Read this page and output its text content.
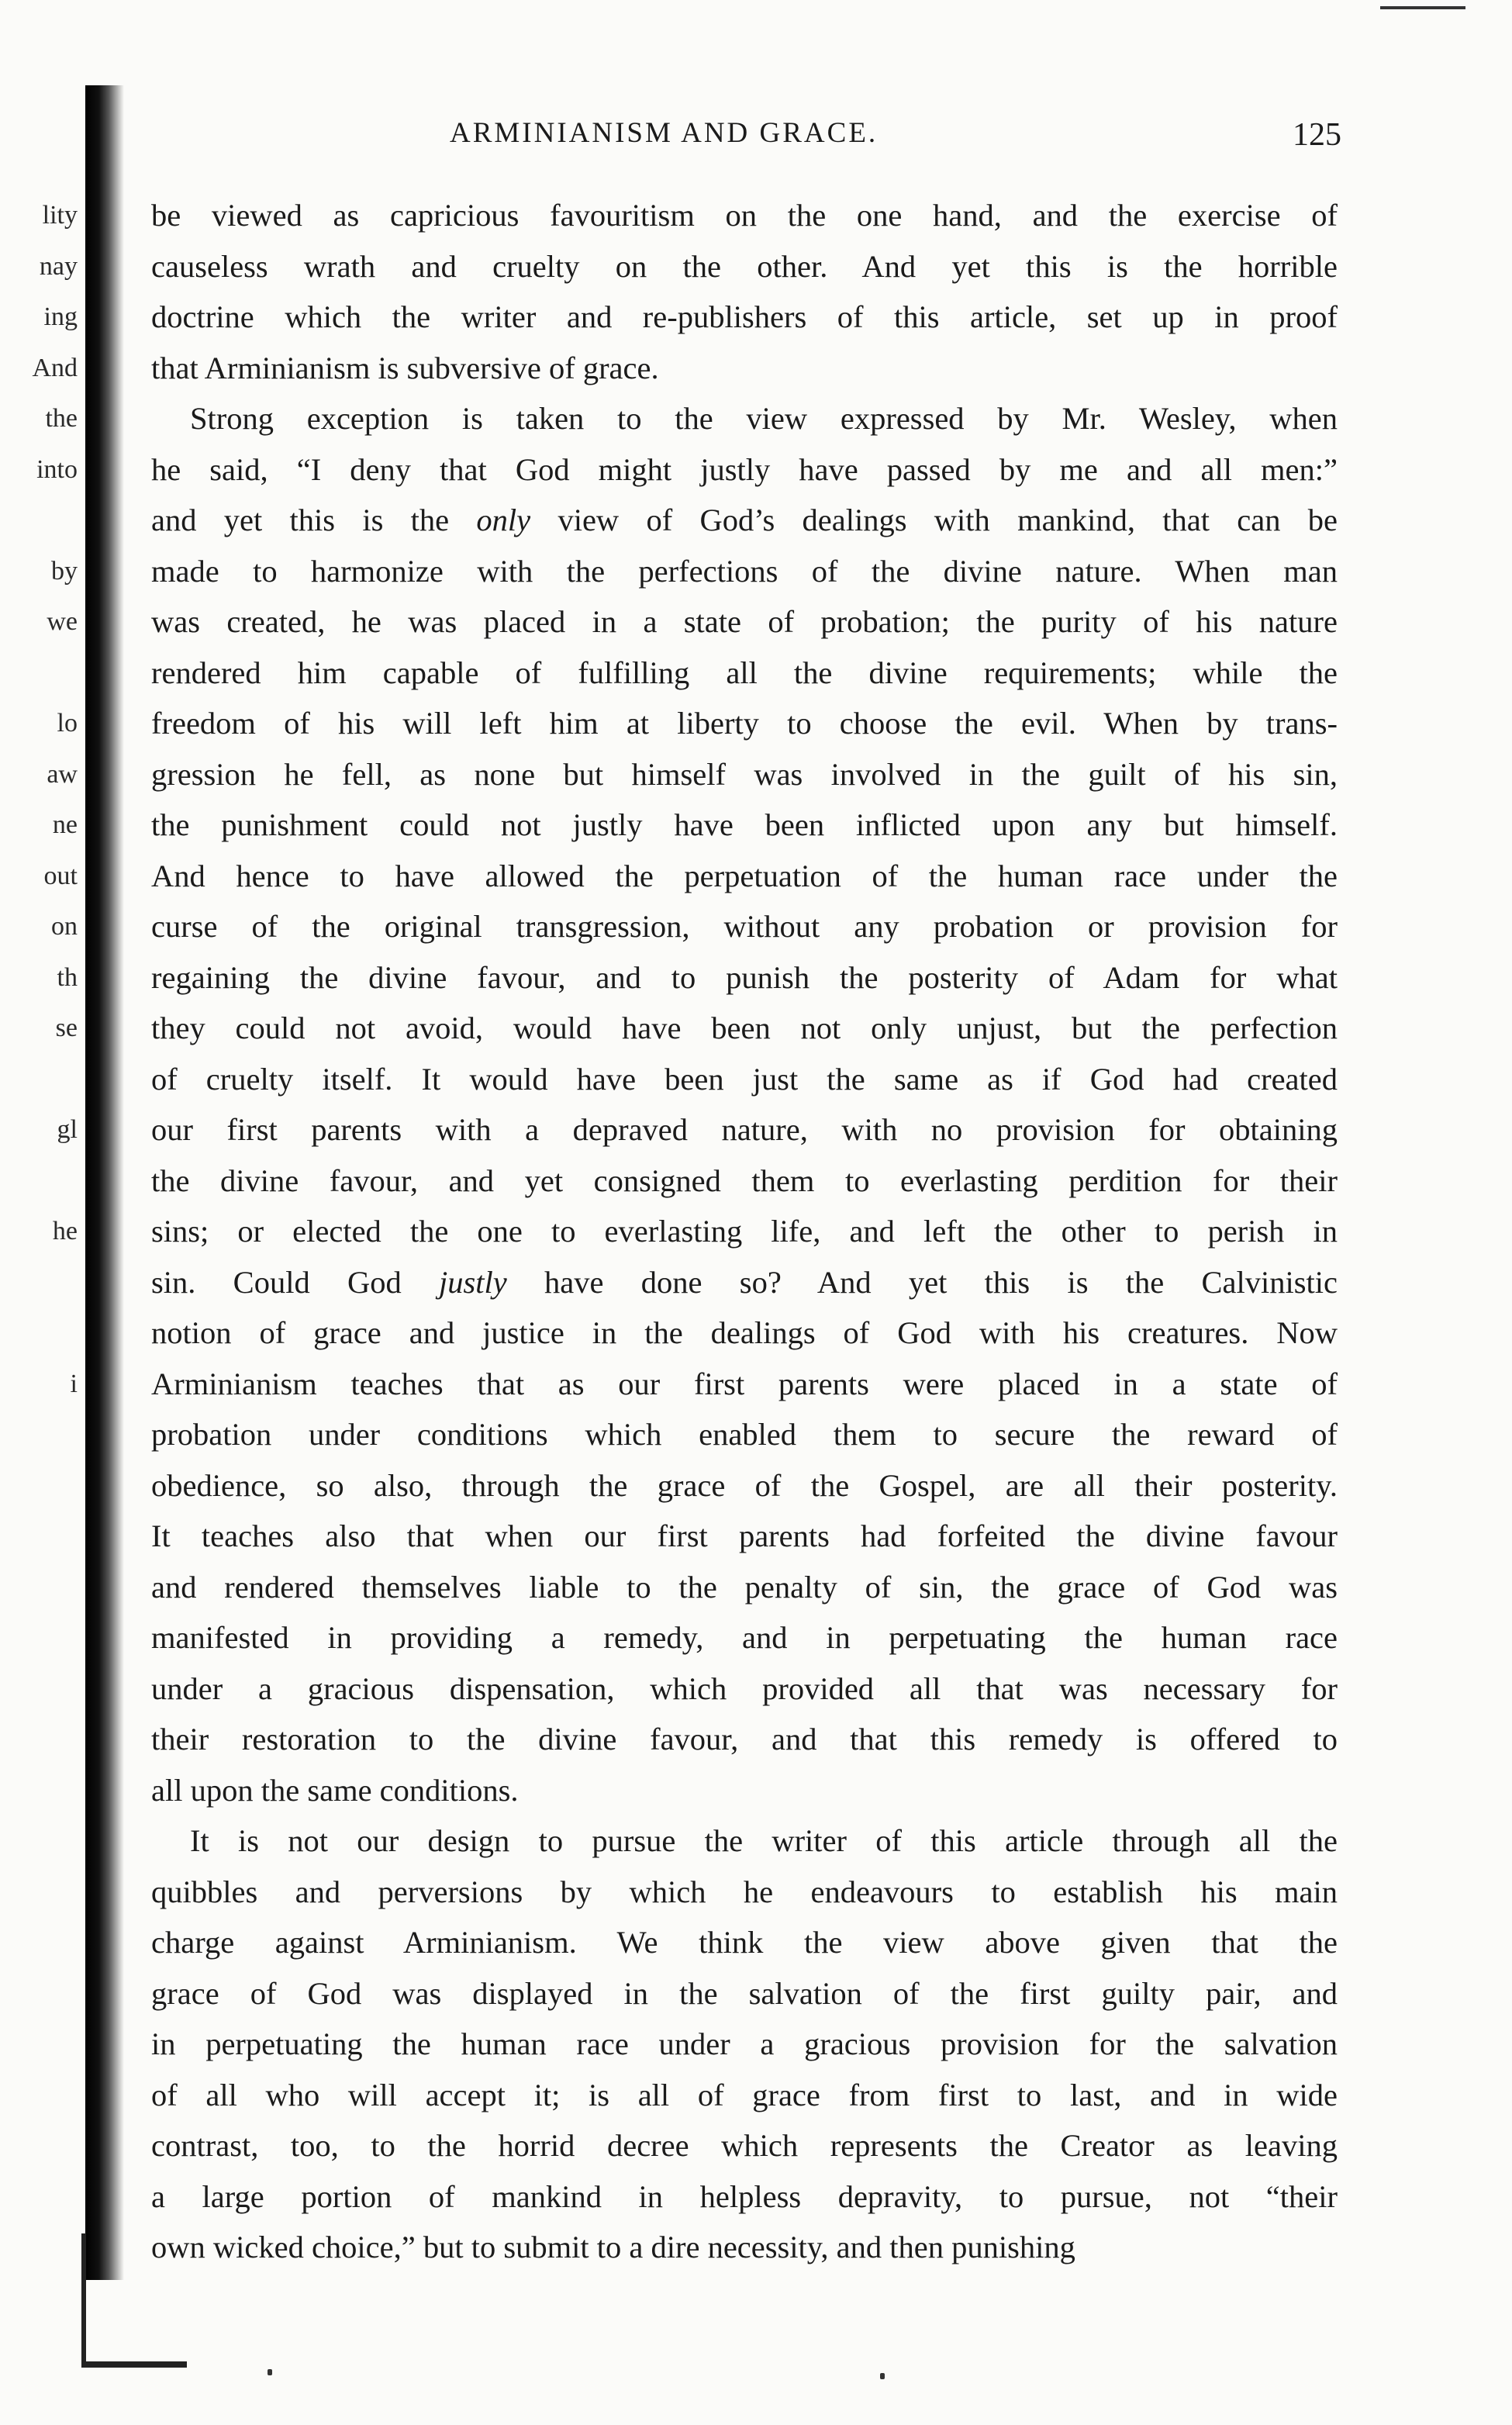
ARMINIANISM AND GRACE.	125
lity
nay
ing
And
the
into
by
we
lo
aw
ne
out
on
th
se
gl
he
i
be viewed as capricious favouritism on the one hand, and the exercise of
causeless wrath and cruelty on the other. And yet this is the horrible
doctrine which the writer and re-publishers of this article, set up in proof
that Arminianism is subversive of grace.
Strong exception is taken to the view expressed by Mr. Wesley, when
he said, “I deny that God might justly have passed by me and all men:”
and yet this is the only view of God’s dealings with mankind, that can be
made to harmonize with the perfections of the divine nature. When man
was created, he was placed in a state of probation; the purity of his nature
rendered him capable of fulfilling all the divine requirements; while the
freedom of his will left him at liberty to choose the evil. When by trans-
gression he fell, as none but himself was involved in the guilt of his sin,
the punishment could not justly have been inflicted upon any but himself.
And hence to have allowed the perpetuation of the human race under the
curse of the original transgression, without any probation or provision for
regaining the divine favour, and to punish the posterity of Adam for what
they could not avoid, would have been not only unjust, but the perfection
of cruelty itself. It would have been just the same as if God had created
our first parents with a depraved nature, with no provision for obtaining
the divine favour, and yet consigned them to everlasting perdition for their
sins; or elected the one to everlasting life, and left the other to perish in
sin. Could God justly have done so? And yet this is the Calvinistic
notion of grace and justice in the dealings of God with his creatures. Now
Arminianism teaches that as our first parents were placed in a state of
probation under conditions which enabled them to secure the reward of
obedience, so also, through the grace of the Gospel, are all their posterity.
It teaches also that when our first parents had forfeited the divine favour
and rendered themselves liable to the penalty of sin, the grace of God was
manifested in providing a remedy, and in perpetuating the human race
under a gracious dispensation, which provided all that was necessary for
their restoration to the divine favour, and that this remedy is offered to
all upon the same conditions.
It is not our design to pursue the writer of this article through all the
quibbles and perversions by which he endeavours to establish his main
charge against Arminianism. We think the view above given that the
grace of God was displayed in the salvation of the first guilty pair, and
in perpetuating the human race under a gracious provision for the salvation
of all who will accept it; is all of grace from first to last, and in wide
contrast, too, to the horrid decree which represents the Creator as leaving
a large portion of mankind in helpless depravity, to pursue, not “their
own wicked choice,” but to submit to a dire necessity, and then punishing
